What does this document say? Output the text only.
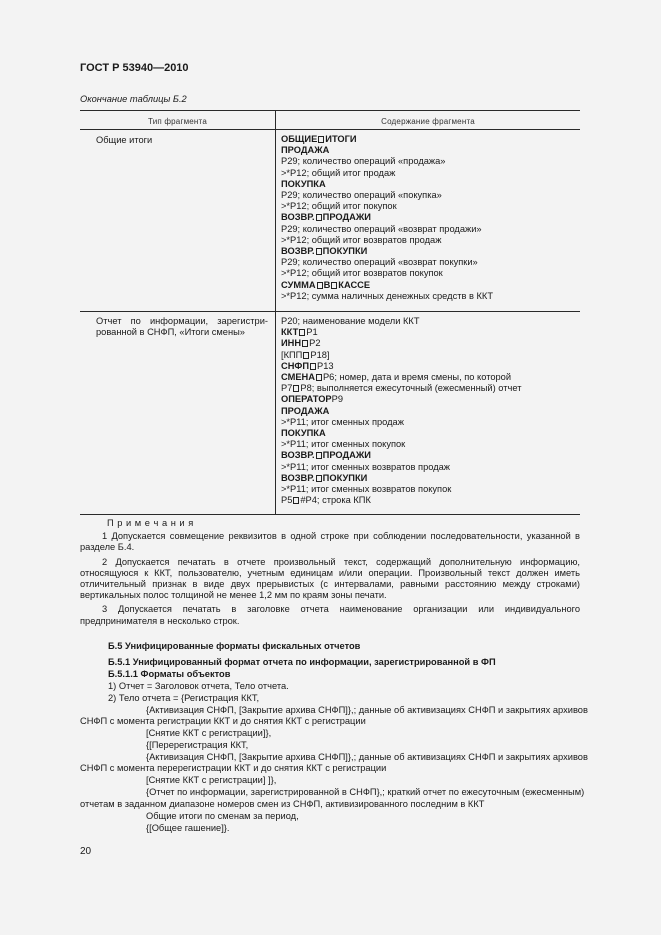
ГОСТ Р 53940—2010
Окончание таблицы Б.2
Тип фрагмента	Содержание фрагмента
Общие итоги	ОБЩИЕ ИТОГИ
ПРОДАЖА
Р29; количество операций «продажа»
>*Р12; общий итог продаж
ПОКУПКА
Р29; количество операций «покупка»
>*Р12; общий итог покупок
ВОЗВР. ПРОДАЖИ
Р29; количество операций «возврат продажи»
>*Р12; общий итог возвратов продаж
ВОЗВР. ПОКУПКИ
Р29; количество операций «возврат покупки»
>*Р12; общий итог возвратов покупок
СУММА В КАССЕ
>*Р12; сумма наличных денежных средств в ККТ
Отчет по информации, зарегистри-
рованной в СНФП, «Итоги смены»
Р20; наименование модели ККТ
ККТ Р1
ИНН Р2
[КПП Р18]
СНФП Р13
СМЕНА Р6; номер, дата и время смены, по которой
Р7 Р8; выполняется ежесуточный (ежесменный) отчет
ОПЕРАТОРР9
ПРОДАЖА
>*Р11; итог сменных продаж
ПОКУПКА
>*Р11; итог сменных покупок
ВОЗВР. ПРОДАЖИ
>*Р11; итог сменных возвратов продаж
ВОЗВР. ПОКУПКИ
>*Р11; итог сменных возвратов покупок
Р5 #Р4; строка КПК

П р и м е ч а н и я

1 Допускается совмещение реквизитов в одной строке при соблюдении последовательности, указанной в разделе Б.4.

2 Допускается печатать в отчете произвольный текст, содержащий дополнительную информацию, относящуюся к ККТ, пользователю, учетным единицам и/или операции. Произвольный текст должен иметь отличительный признак в виде двух прерывистых (с интервалами, равными расстоянию между строками) вертикальных полос толщиной не менее 1,2 мм по краям зоны печати.

3 Допускается печатать в заголовке отчета наименование организации или индивидуального предпринимателя в несколько строк.

Б.5 Унифицированные форматы фискальных отчетов
Б.5.1 Унифицированный формат отчета по информации, зарегистрированной в ФП
Б.5.1.1 Форматы объектов
1) Отчет = Заголовок отчета, Тело отчета.
2) Тело отчета = {Регистрация ККТ,
{Активизация СНФП, [Закрытие архива СНФП]},; данные об активизациях СНФП и закрытиях архивов
СНФП с момента регистрации ККТ и до снятия ККТ с регистрации
[Снятие ККТ с регистрации]},
{[Перерегистрация ККТ,
{Активизация СНФП, [Закрытие архива СНФП]},; данные об активизациях СНФП и закрытиях архивов
СНФП с момента перерегистрации ККТ и до снятия ККТ с регистрации
[Снятие ККТ с регистрации] ]},
{Отчет по информации, зарегистрированной в СНФП},; краткий отчет по ежесуточным (ежесменным)
отчетам в заданном диапазоне номеров смен из СНФП, активизированного последним в ККТ
Общие итоги по сменам за период,
{[Общее гашение]}.
20
